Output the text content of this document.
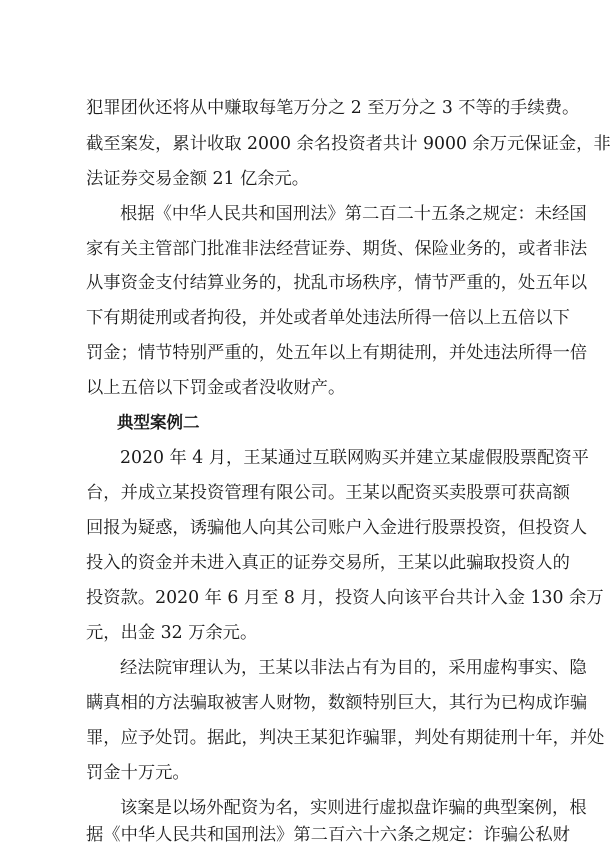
犯罪团伙还将从中赚取每笔万分之 2 至万分之 3 不等的手续费。
截至案发，累计收取 2000 余名投资者共计 9000 余万元保证金，非
法证券交易金额 21 亿余元。
根据《中华人民共和国刑法》第二百二十五条之规定：未经国
家有关主管部门批准非法经营证券、期货、保险业务的，或者非法
从事资金支付结算业务的，扰乱市场秩序，情节严重的，处五年以
下有期徒刑或者拘役，并处或者单处违法所得一倍以上五倍以下
罚金；情节特别严重的，处五年以上有期徒刑，并处违法所得一倍
以上五倍以下罚金或者没收财产。
典型案例二
2020 年 4 月，王某通过互联网购买并建立某虚假股票配资平
台，并成立某投资管理有限公司。王某以配资买卖股票可获高额
回报为疑惑，诱骗他人向其公司账户入金进行股票投资，但投资人
投入的资金并未进入真正的证券交易所，王某以此骗取投资人的
投资款。2020 年 6 月至 8 月，投资人向该平台共计入金 130 余万
元，出金 32 万余元。
经法院审理认为，王某以非法占有为目的，采用虚构事实、隐
瞒真相的方法骗取被害人财物，数额特别巨大，其行为已构成诈骗
罪，应予处罚。据此，判决王某犯诈骗罪，判处有期徒刑十年，并处
罚金十万元。
该案是以场外配资为名，实则进行虚拟盘诈骗的典型案例，根
据《中华人民共和国刑法》第二百六十六条之规定：诈骗公私财
